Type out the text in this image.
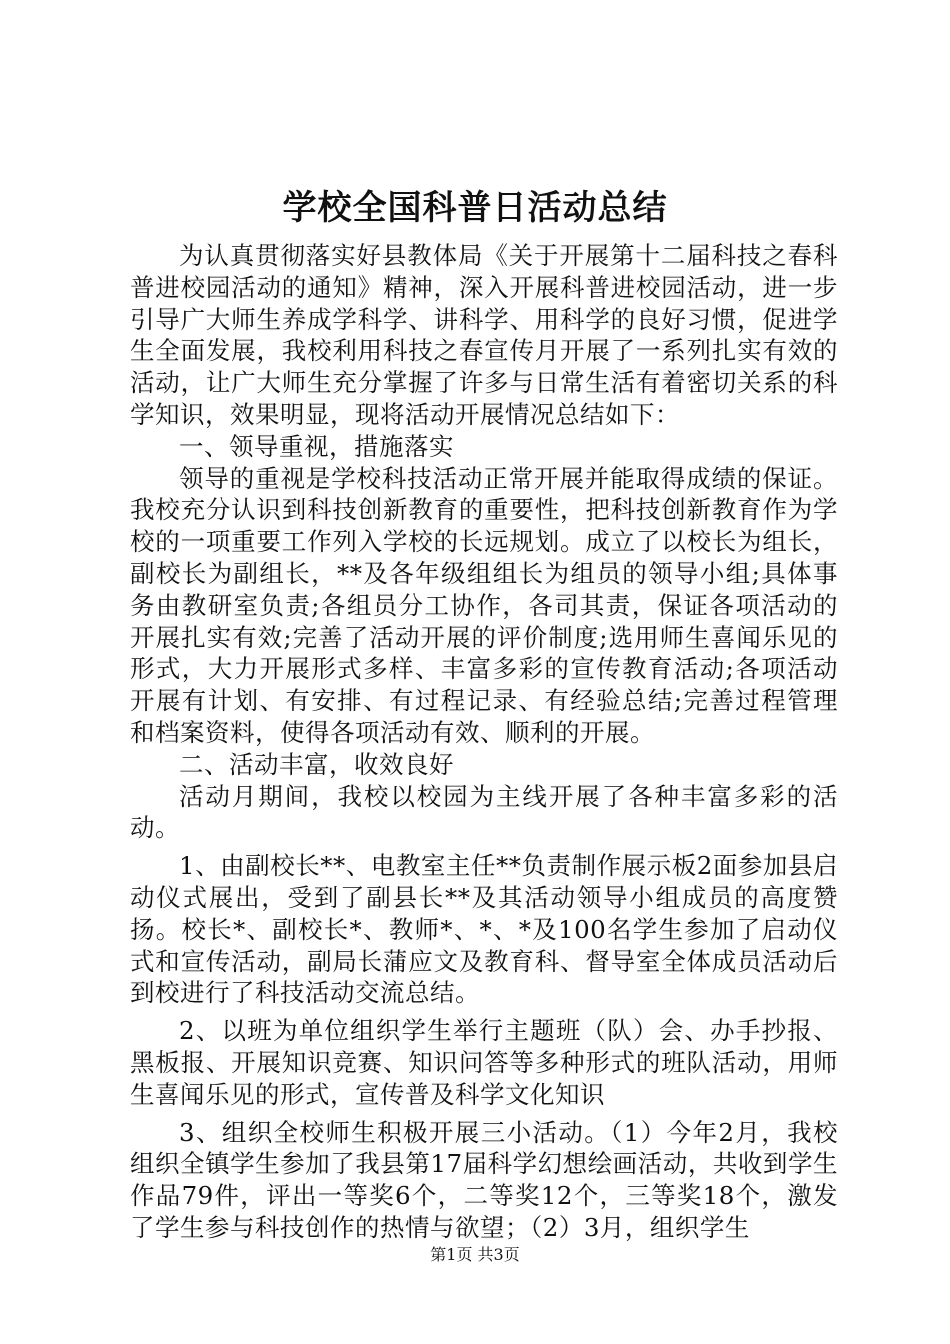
学校全国科普日活动总结

为认真贯彻落实好县教体局《关于开展第十二届科技之春科普进校园活动的通知》精神，深入开展科普进校园活动，进一步引导广大师生养成学科学、讲科学、用科学的良好习惯，促进学生全面发展，我校利用科技之春宣传月开展了一系列扎实有效的活动，让广大师生充分掌握了许多与日常生活有着密切关系的科学知识，效果明显，现将活动开展情况总结如下：

一、领导重视，措施落实

领导的重视是学校科技活动正常开展并能取得成绩的保证。我校充分认识到科技创新教育的重要性，把科技创新教育作为学校的一项重要工作列入学校的长远规划。成立了以校长为组长，副校长为副组长，**及各年级组组长为组员的领导小组;具体事务由教研室负责;各组员分工协作，各司其责，保证各项活动的开展扎实有效;完善了活动开展的评价制度;选用师生喜闻乐见的形式，大力开展形式多样、丰富多彩的宣传教育活动;各项活动开展有计划、有安排、有过程记录、有经验总结;完善过程管理和档案资料，使得各项活动有效、顺利的开展。

二、活动丰富，收效良好

活动月期间，我校以校园为主线开展了各种丰富多彩的活动。

1、由副校长**、电教室主任**负责制作展示板2面参加县启动仪式展出，受到了副县长**及其活动领导小组成员的高度赞扬。校长*、副校长*、教师*、*、*及100名学生参加了启动仪式和宣传活动，副局长蒲应文及教育科、督导室全体成员活动后到校进行了科技活动交流总结。

2、以班为单位组织学生举行主题班（队）会、办手抄报、黑板报、开展知识竞赛、知识问答等多种形式的班队活动，用师生喜闻乐见的形式，宣传普及科学文化知识

3、组织全校师生积极开展三小活动。（1）今年2月，我校组织全镇学生参加了我县第17届科学幻想绘画活动，共收到学生作品79件，评出一等奖6个，二等奖12个，三等奖18个，激发了学生参与科技创作的热情与欲望；（2）3月，组织学生

第1页 共3页
